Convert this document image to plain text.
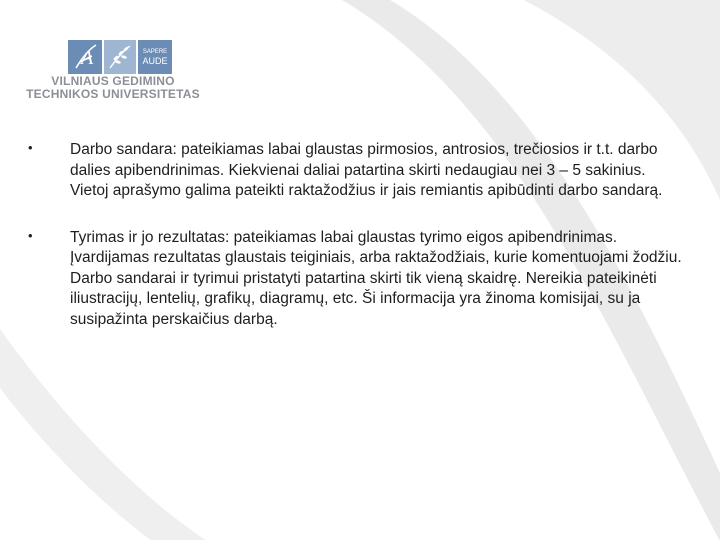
A	SAPERE
AUDE
VILNIAUS GEDIMINO
TECHNIKOS UNIVERSITETAS
• Darbo sandara: pateikiamas labai glaustas pirmosios, antrosios, trečiosios ir t.t. darbo dalies apibendrinimas. Kiekvienai daliai patartina skirti nedaugiau nei 3 – 5 sakinius. Vietoj aprašymo galima pateikti raktažodžius ir jais remiantis apibūdinti darbo sandarą.
• Tyrimas ir jo rezultatas: pateikiamas labai glaustas tyrimo eigos apibendrinimas. Įvardijamas rezultatas glaustais teiginiais, arba raktažodžiais, kurie komentuojami žodžiu. Darbo sandarai ir tyrimui pristatyti patartina skirti tik vieną skaidrę. Nereikia pateikinėti iliustracijų, lentelių, grafikų, diagramų, etc. Ši informacija yra žinoma komisijai, su ja susipažinta perskaičius darbą.
